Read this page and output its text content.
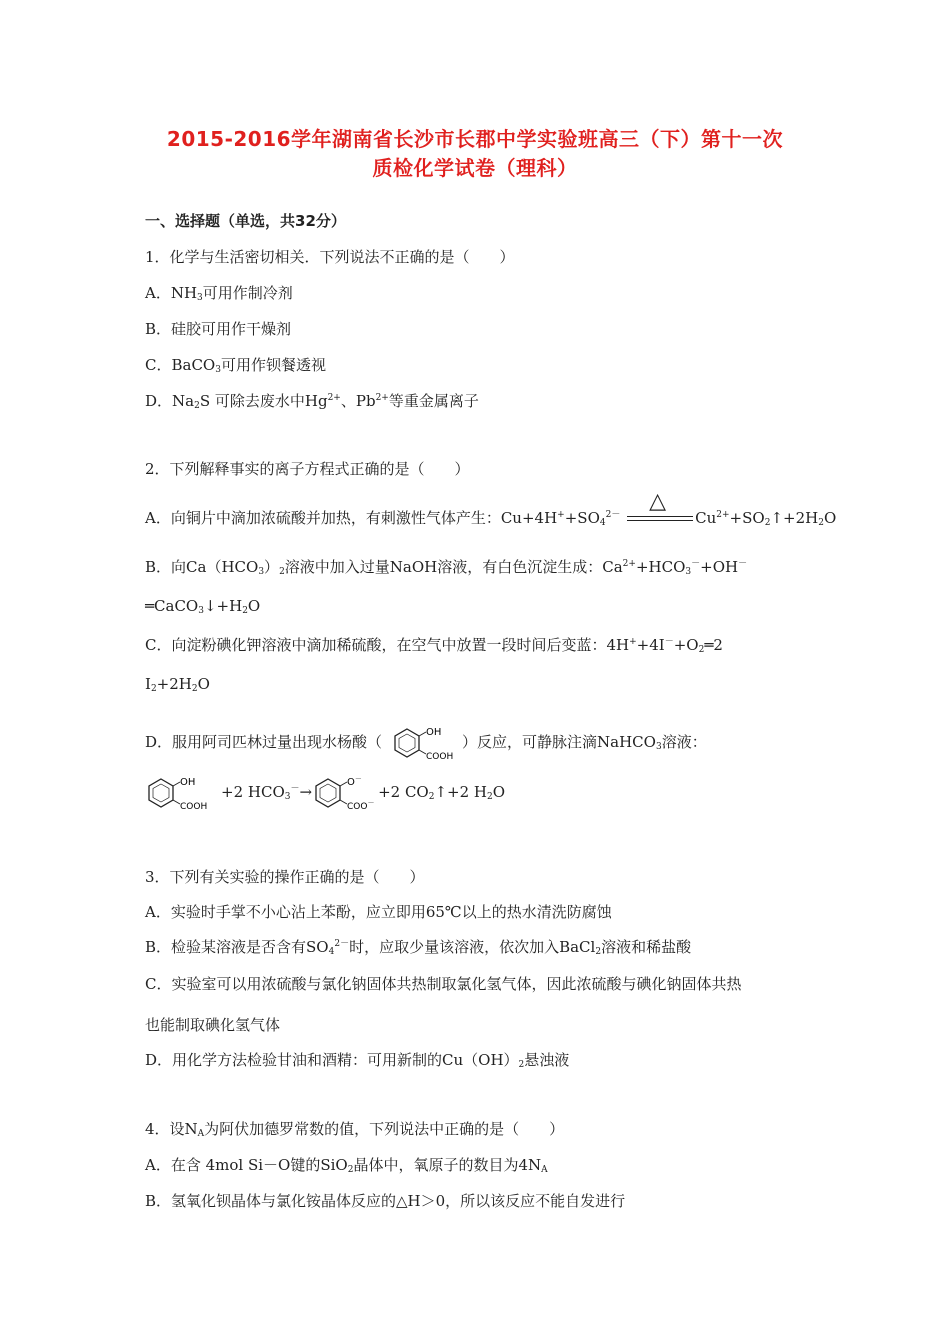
2015-2016学年湖南省长沙市长郡中学实验班高三（下）第十一次
质检化学试卷（理科）
一、选择题（单选，共32分）
1．化学与生活密切相关．下列说法不正确的是（　　）
A．$NH_3$可用作制冷剂
B．硅胶可用作干燥剂
C．BaCO$_3$可用作钡餐透视
D．$Na_2S$ 可除去废水中$Hg^{2+}$、$Pb^{2+}$等重金属离子
2．下列解释事实的离子方程式正确的是（　　）
A．向铜片中滴加浓硫酸并加热，有刺激性气体产生：$Cu+4H^++SO_4^{2-}$
△
$Cu^{2+}+SO_2↑+2H_2O$
B．向$Ca(HCO_3)_2$溶液中加入过量NaOH溶液，有白色沉淀生成：$Ca^{2+}+HCO_3^-+OH^-$
$═CaCO_3↓+H_2O$
C．向淀粉碘化钾溶液中滴加稀硫酸，在空气中放置一段时间后变蓝：$4H^++4I^-+O_2═2$
$I_2+2H_2O$
D．服用阿司匹林过量出现水杨酸（
OH
COOH
）反应，可静脉注滴NaHCO$_3$溶液：
OH
COOH
+2 $HCO_3^-\to$
O－
COO－
+2 $CO_2↑+2$ $H_2O$
3．下列有关实验的操作正确的是（　　）
A．实验时手掌不小心沾上苯酚，应立即用65℃以上的热水清洗防腐蚀
B．检验某溶液是否含有$SO_4^{2-}$时，应取少量该溶液，依次加入BaCl$_2$溶液和稀盐酸
C．实验室可以用浓硫酸与氯化钠固体共热制取氯化氢气体，因此浓硫酸与碘化钠固体共热
也能制取碘化氢气体
D．用化学方法检验甘油和酒精：可用新制的$Cu(OH)_2$悬浊液
4．设$N_A$为阿伏加德罗常数的值，下列说法中正确的是（　　）
A．在含 4mol Si－O键的SiO$_2$晶体中，氧原子的数目为$4N_A$
B．氢氧化钡晶体与氯化铵晶体反应的△H＞0，所以该反应不能自发进行
